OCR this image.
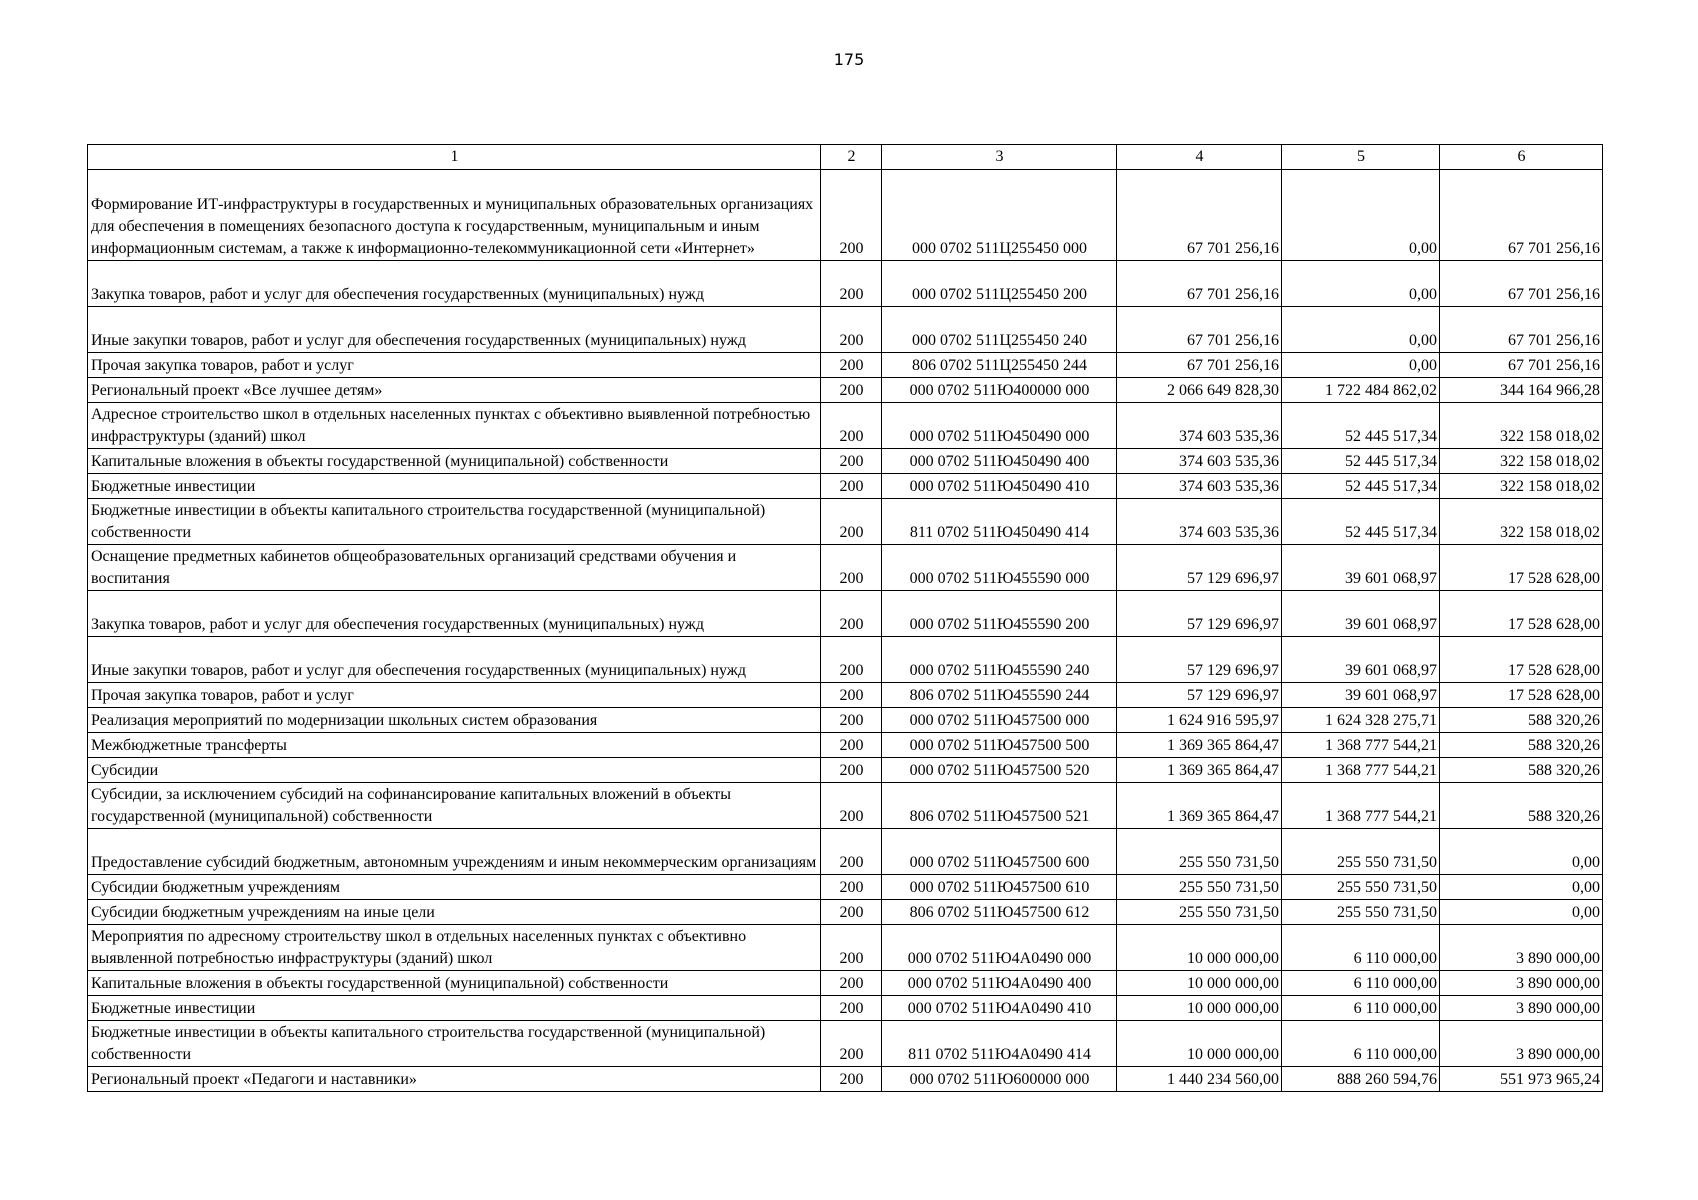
175
1	2	3	4	5	6
Формирование ИТ-инфраструктуры в государственных и муниципальных образовательных организациях для обеспечения в помещениях безопасного доступа к государственным, муниципальным и иным информационным системам, а также к информационно-телекоммуникационной сети «Интернет»	200	000 0702 511Ц255450 000	67 701 256,16	0,00	67 701 256,16
Закупка товаров, работ и услуг для обеспечения государственных (муниципальных) нужд	200	000 0702 511Ц255450 200	67 701 256,16	0,00	67 701 256,16
Иные закупки товаров, работ и услуг для обеспечения государственных (муниципальных) нужд	200	000 0702 511Ц255450 240	67 701 256,16	0,00	67 701 256,16
Прочая закупка товаров, работ и услуг	200	806 0702 511Ц255450 244	67 701 256,16	0,00	67 701 256,16
Региональный проект «Все лучшее детям»	200	000 0702 511Ю400000 000	2 066 649 828,30	1 722 484 862,02	344 164 966,28
Адресное строительство школ в отдельных населенных пунктах с объективно выявленной потребностью инфраструктуры (зданий) школ	200	000 0702 511Ю450490 000	374 603 535,36	52 445 517,34	322 158 018,02
Капитальные вложения в объекты государственной (муниципальной) собственности	200	000 0702 511Ю450490 400	374 603 535,36	52 445 517,34	322 158 018,02
Бюджетные инвестиции	200	000 0702 511Ю450490 410	374 603 535,36	52 445 517,34	322 158 018,02
Бюджетные инвестиции в объекты капитального строительства государственной (муниципальной) собственности	200	811 0702 511Ю450490 414	374 603 535,36	52 445 517,34	322 158 018,02
Оснащение предметных кабинетов общеобразовательных организаций средствами обучения и воспитания	200	000 0702 511Ю455590 000	57 129 696,97	39 601 068,97	17 528 628,00
Закупка товаров, работ и услуг для обеспечения государственных (муниципальных) нужд	200	000 0702 511Ю455590 200	57 129 696,97	39 601 068,97	17 528 628,00
Иные закупки товаров, работ и услуг для обеспечения государственных (муниципальных) нужд	200	000 0702 511Ю455590 240	57 129 696,97	39 601 068,97	17 528 628,00
Прочая закупка товаров, работ и услуг	200	806 0702 511Ю455590 244	57 129 696,97	39 601 068,97	17 528 628,00
Реализация мероприятий по модернизации школьных систем образования	200	000 0702 511Ю457500 000	1 624 916 595,97	1 624 328 275,71	588 320,26
Межбюджетные трансферты	200	000 0702 511Ю457500 500	1 369 365 864,47	1 368 777 544,21	588 320,26
Субсидии	200	000 0702 511Ю457500 520	1 369 365 864,47	1 368 777 544,21	588 320,26
Субсидии, за исключением субсидий на софинансирование капитальных вложений в объекты государственной (муниципальной) собственности	200	806 0702 511Ю457500 521	1 369 365 864,47	1 368 777 544,21	588 320,26
Предоставление субсидий бюджетным, автономным учреждениям и иным некоммерческим организациям	200	000 0702 511Ю457500 600	255 550 731,50	255 550 731,50	0,00
Субсидии бюджетным учреждениям	200	000 0702 511Ю457500 610	255 550 731,50	255 550 731,50	0,00
Субсидии бюджетным учреждениям на иные цели	200	806 0702 511Ю457500 612	255 550 731,50	255 550 731,50	0,00
Мероприятия по адресному строительству школ в отдельных населенных пунктах с объективно выявленной потребностью инфраструктуры (зданий) школ	200	000 0702 511Ю4А0490 000	10 000 000,00	6 110 000,00	3 890 000,00
Капитальные вложения в объекты государственной (муниципальной) собственности	200	000 0702 511Ю4А0490 400	10 000 000,00	6 110 000,00	3 890 000,00
Бюджетные инвестиции	200	000 0702 511Ю4А0490 410	10 000 000,00	6 110 000,00	3 890 000,00
Бюджетные инвестиции в объекты капитального строительства государственной (муниципальной) собственности	200	811 0702 511Ю4А0490 414	10 000 000,00	6 110 000,00	3 890 000,00
Региональный проект «Педагоги и наставники»	200	000 0702 511Ю600000 000	1 440 234 560,00	888 260 594,76	551 973 965,24
